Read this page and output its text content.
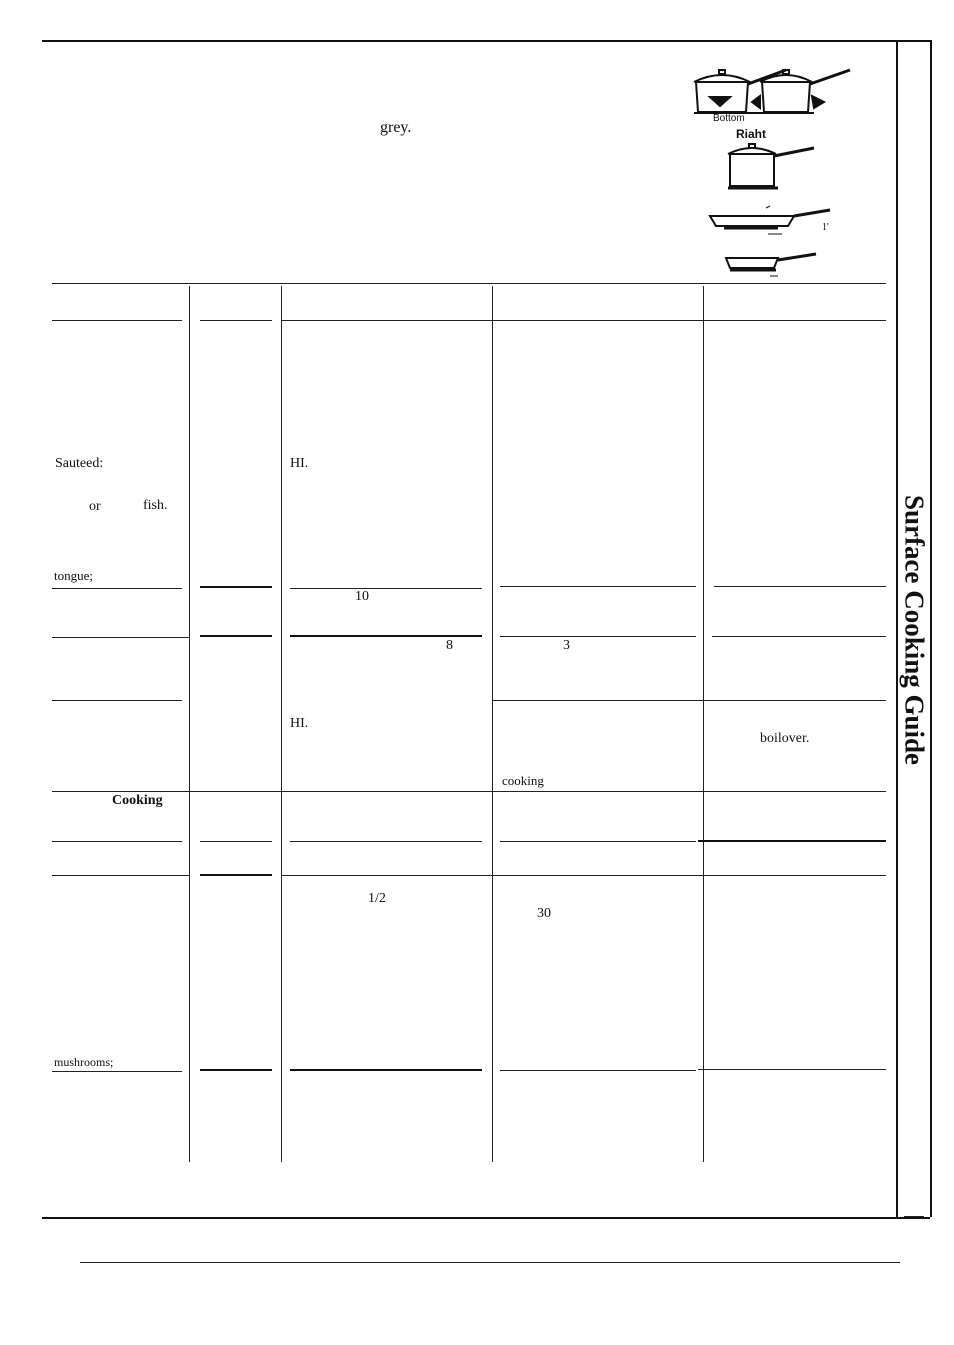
Surface Cooking Guide
grey.
Bottom
Riaht
1'
Sauteed:
or	fish.
HI.
tongue;
10
8	3
HI.
boilover.
cooking
Cooking
1/2
30
mushrooms;
